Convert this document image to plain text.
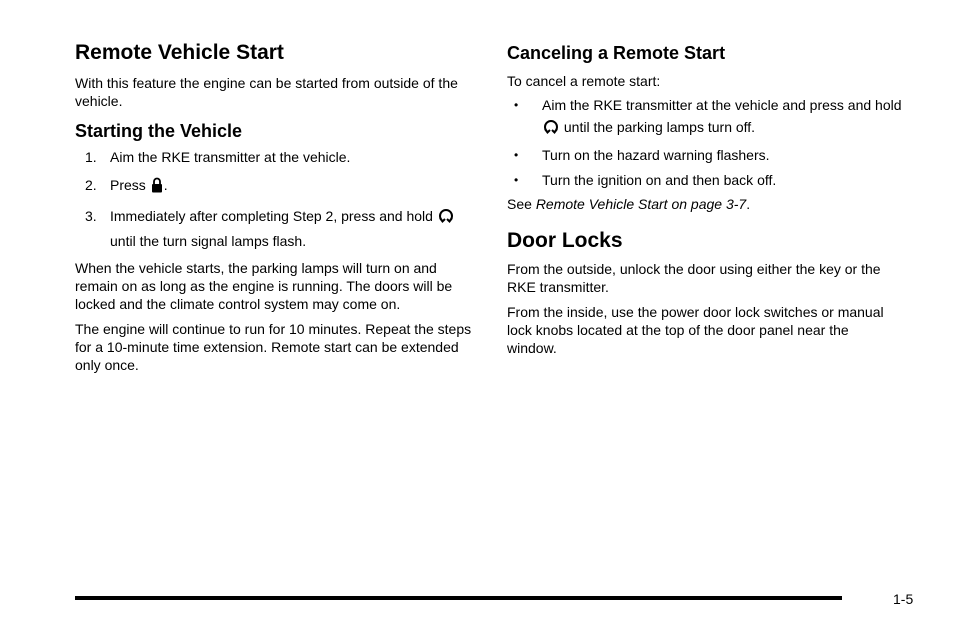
Remote Vehicle Start

With this feature the engine can be started from outside of the vehicle.

Starting the Vehicle
1. Aim the RKE transmitter at the vehicle.
2. Press .
3. Immediately after completing Step 2, press and hold  until the turn signal lamps flash.

When the vehicle starts, the parking lamps will turn on and remain on as long as the engine is running. The doors will be locked and the climate control system may come on.

The engine will continue to run for 10 minutes. Repeat the steps for a 10-minute time extension. Remote start can be extended only once.

Canceling a Remote Start

To cancel a remote start:

•	Aim the RKE transmitter at the vehicle and press and hold  until the parking lamps turn off.
•	Turn on the hazard warning flashers.
•	Turn the ignition on and then back off.

See Remote Vehicle Start on page 3-7.

Door Locks

From the outside, unlock the door using either the key or the RKE transmitter.

From the inside, use the power door lock switches or manual lock knobs located at the top of the door panel near the window.

1-5
